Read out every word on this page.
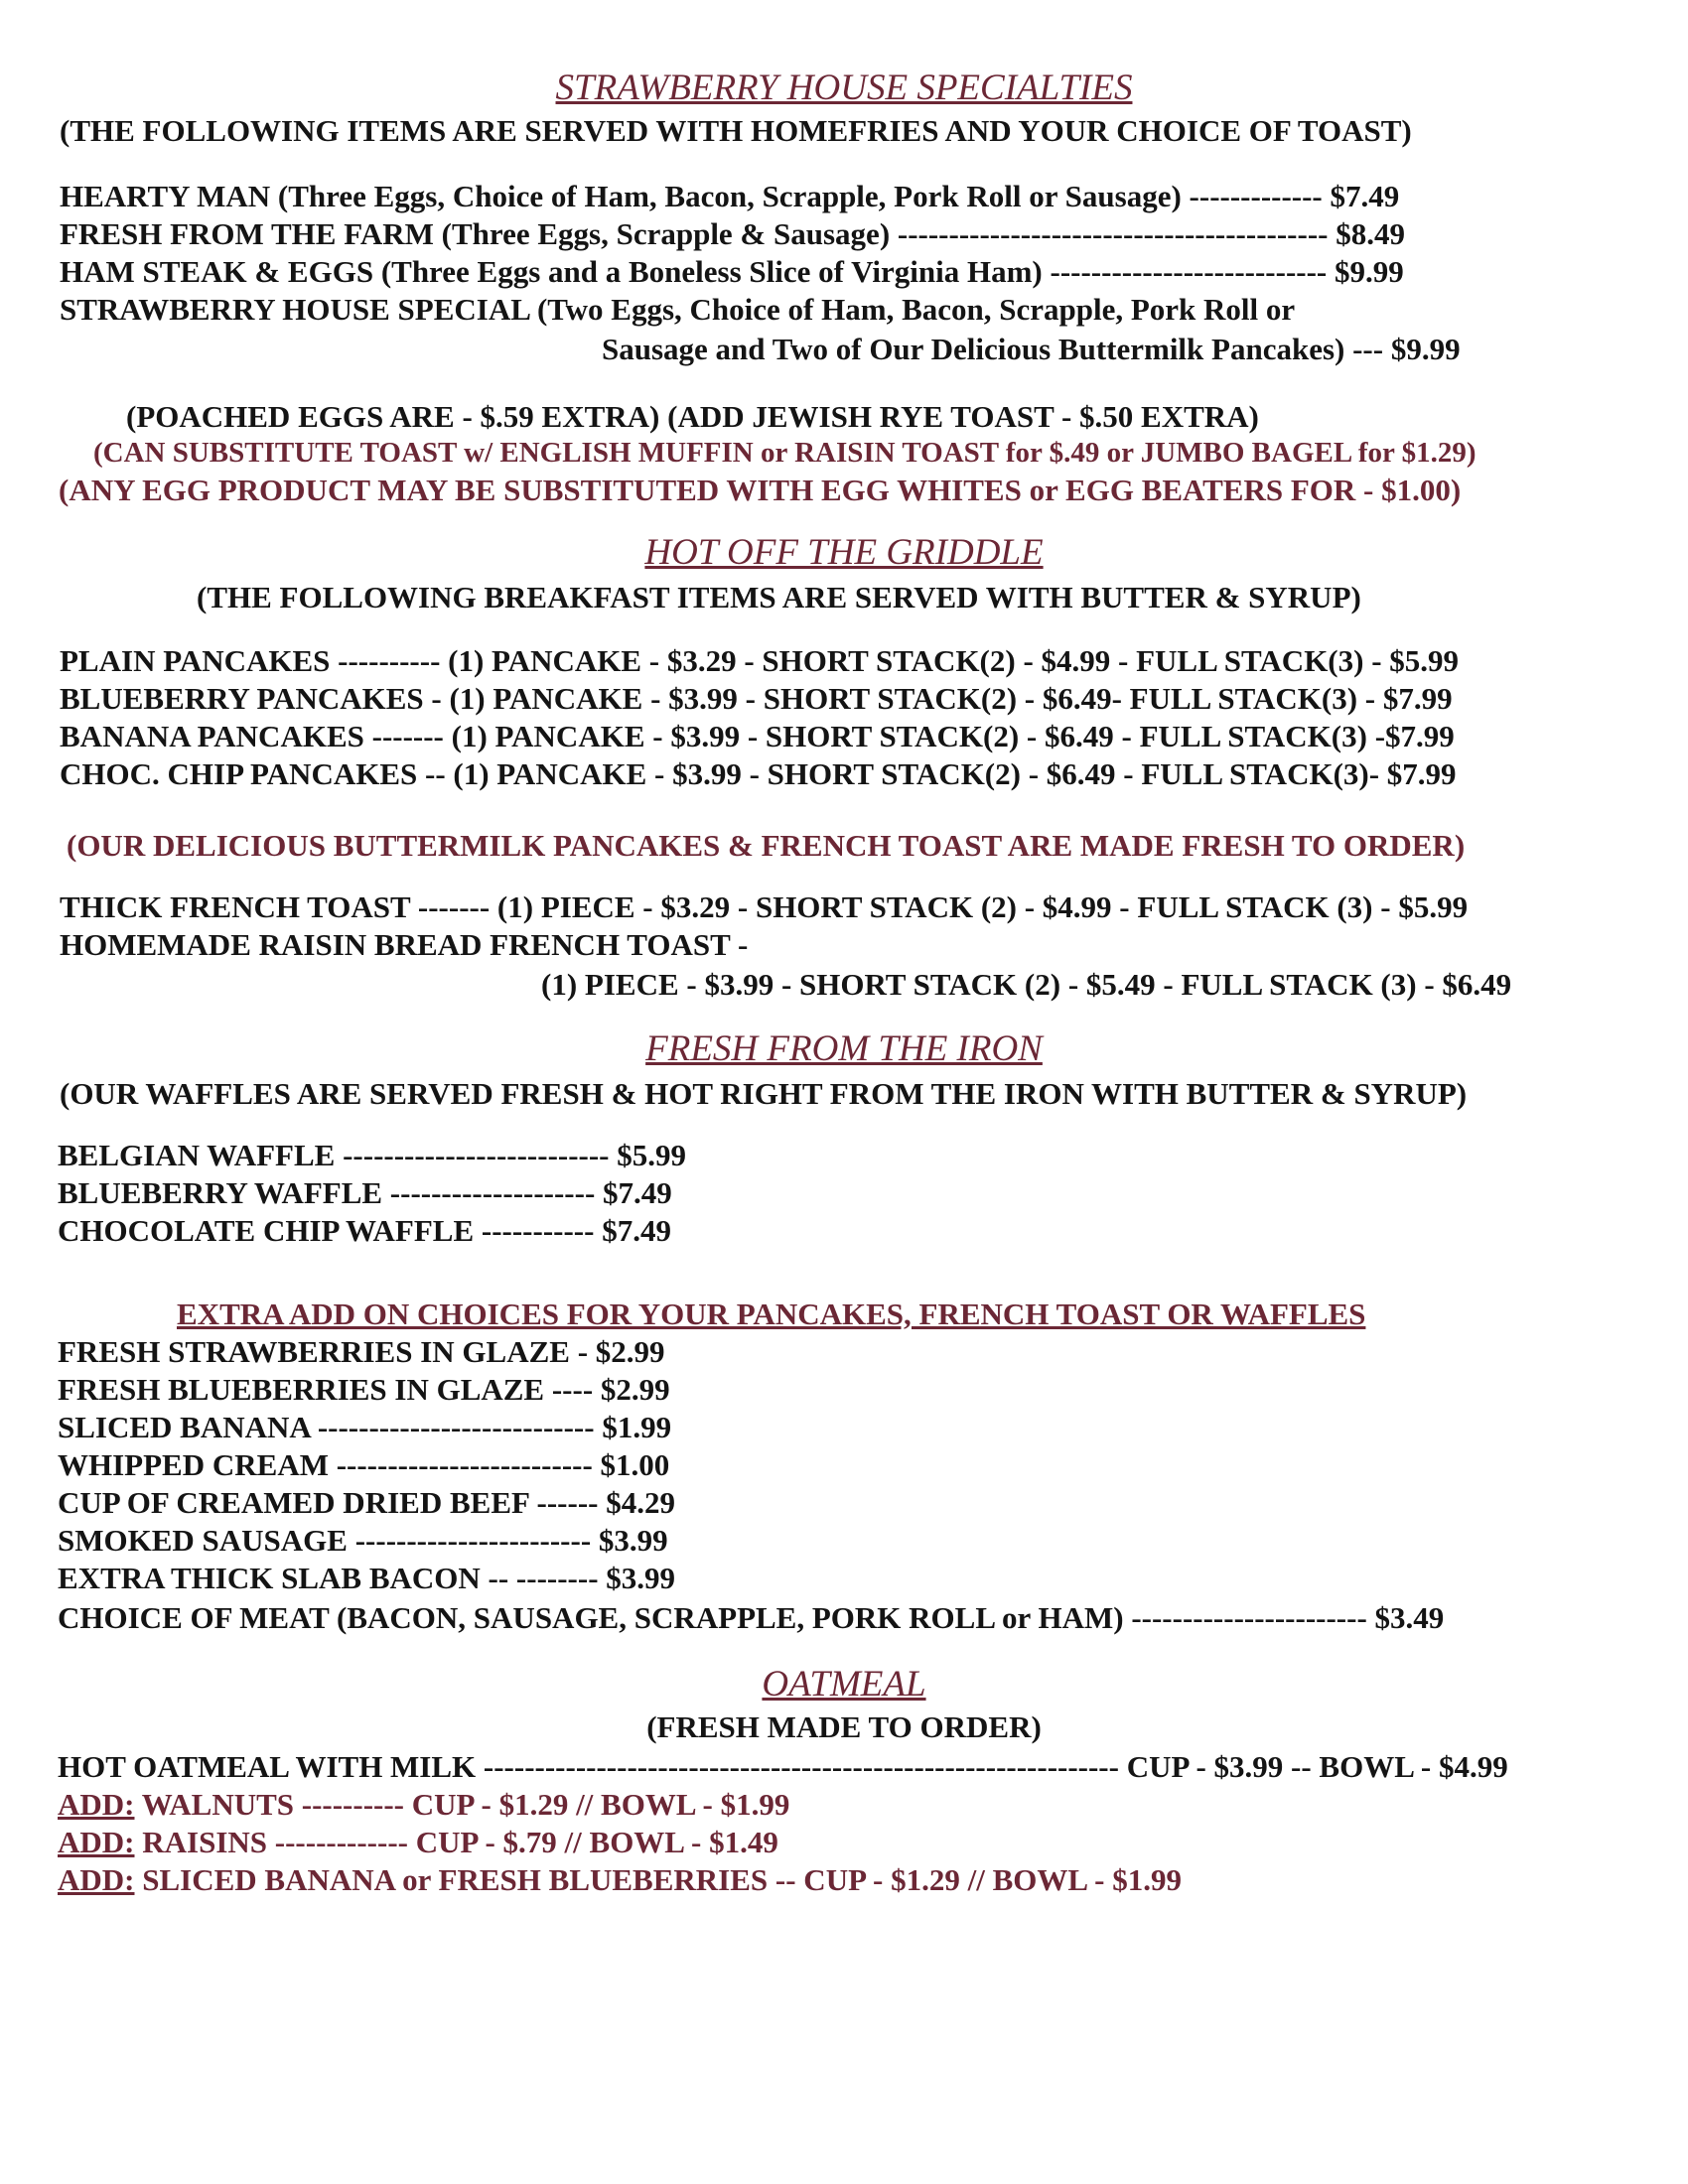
STRAWBERRY HOUSE SPECIALTIES
(THE FOLLOWING ITEMS ARE SERVED WITH HOMEFRIES AND YOUR CHOICE OF TOAST)
HEARTY MAN (Three Eggs, Choice of Ham, Bacon, Scrapple, Pork Roll or Sausage) ------------- $7.49
FRESH FROM THE FARM (Three Eggs, Scrapple & Sausage) ------------------------------------------ $8.49
HAM STEAK & EGGS (Three Eggs and a Boneless Slice of Virginia Ham) --------------------------- $9.99
STRAWBERRY HOUSE SPECIAL (Two Eggs, Choice of Ham, Bacon, Scrapple, Pork Roll or
Sausage and Two of Our Delicious Buttermilk Pancakes) --- $9.99
(POACHED EGGS ARE - $.59 EXTRA) (ADD JEWISH RYE TOAST - $.50 EXTRA)
(CAN SUBSTITUTE TOAST w/ ENGLISH MUFFIN or RAISIN TOAST for $.49 or JUMBO BAGEL for $1.29)
(ANY EGG PRODUCT MAY BE SUBSTITUTED WITH EGG WHITES or EGG BEATERS FOR - $1.00)
HOT OFF THE GRIDDLE
(THE FOLLOWING BREAKFAST ITEMS ARE SERVED WITH BUTTER & SYRUP)
PLAIN PANCAKES ---------- (1) PANCAKE - $3.29 - SHORT STACK(2) - $4.99 - FULL STACK(3) - $5.99
BLUEBERRY PANCAKES - (1) PANCAKE - $3.99 - SHORT STACK(2) - $6.49- FULL STACK(3) - $7.99
BANANA PANCAKES ------- (1) PANCAKE - $3.99 - SHORT STACK(2) - $6.49 - FULL STACK(3) -$7.99
CHOC. CHIP PANCAKES -- (1) PANCAKE - $3.99 - SHORT STACK(2) - $6.49 - FULL STACK(3)- $7.99
(OUR DELICIOUS BUTTERMILK PANCAKES & FRENCH TOAST ARE MADE FRESH TO ORDER)
THICK FRENCH TOAST ------- (1) PIECE - $3.29 - SHORT STACK (2) - $4.99 - FULL STACK (3) - $5.99
HOMEMADE RAISIN BREAD FRENCH TOAST -
(1) PIECE - $3.99 - SHORT STACK (2) - $5.49 - FULL STACK (3) - $6.49
FRESH FROM THE IRON
(OUR WAFFLES ARE SERVED FRESH & HOT RIGHT FROM THE IRON WITH BUTTER & SYRUP)
BELGIAN WAFFLE -------------------------- $5.99
BLUEBERRY WAFFLE -------------------- $7.49
CHOCOLATE CHIP WAFFLE ----------- $7.49
EXTRA ADD ON CHOICES FOR YOUR PANCAKES, FRENCH TOAST OR WAFFLES
FRESH STRAWBERRIES IN GLAZE - $2.99
FRESH BLUEBERRIES IN GLAZE ---- $2.99
SLICED BANANA --------------------------- $1.99
WHIPPED CREAM ------------------------- $1.00
CUP OF CREAMED DRIED BEEF ------ $4.29
SMOKED SAUSAGE ----------------------- $3.99
EXTRA THICK SLAB BACON -- -------- $3.99
CHOICE OF MEAT (BACON, SAUSAGE, SCRAPPLE, PORK ROLL or HAM) ----------------------- $3.49
OATMEAL
(FRESH MADE TO ORDER)
HOT OATMEAL WITH MILK -------------------------------------------------------------- CUP - $3.99 -- BOWL - $4.99
ADD: WALNUTS ---------- CUP - $1.29 // BOWL - $1.99
ADD: RAISINS ------------- CUP - $.79 // BOWL - $1.49
ADD: SLICED BANANA or FRESH BLUEBERRIES -- CUP - $1.29 // BOWL - $1.99
